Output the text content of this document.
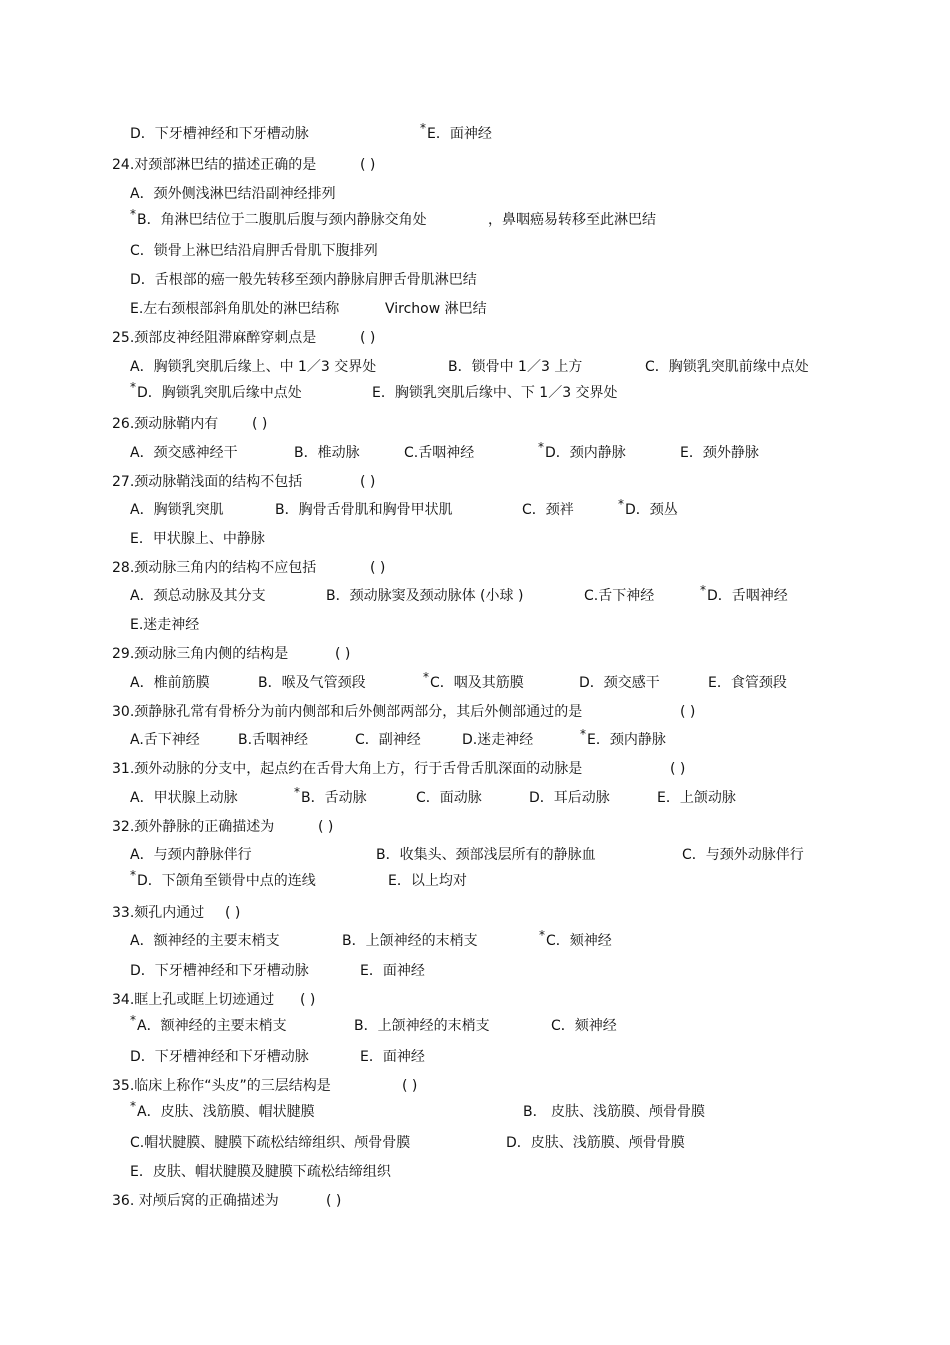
D．下牙槽神经和下牙槽动脉	*E．面神经
24.对颈部淋巴结的描述正确的是	( )
A．颈外侧浅淋巴结沿副神经排列
*B．角淋巴结位于二腹肌后腹与颈内静脉交角处	，鼻咽癌易转移至此淋巴结
C．锁骨上淋巴结沿肩胛舌骨肌下腹排列
D．舌根部的癌一般先转移至颈内静脉肩胛舌骨肌淋巴结
E.左右颈根部斜角肌处的淋巴结称	Virchow 淋巴结
25.颈部皮神经阻滞麻醉穿刺点是	( )
A．胸锁乳突肌后缘上、中 1／3 交界处	B．锁骨中 1／3 上方	C．胸锁乳突肌前缘中点处
*D．胸锁乳突肌后缘中点处	E．胸锁乳突肌后缘中、下 1／3 交界处
26.颈动脉鞘内有 ( )
A．颈交感神经干	B．椎动脉	C.舌咽神经	*D．颈内静脉	E．颈外静脉
27.颈动脉鞘浅面的结构不包括	( )
A．胸锁乳突肌	B．胸骨舌骨肌和胸骨甲状肌	C．颈袢	*D．颈丛
E．甲状腺上、中静脉
28.颈动脉三角内的结构不应包括	( )
A．颈总动脉及其分支	B．颈动脉窦及颈动脉体 (小球 )	C.舌下神经	*D．舌咽神经
E.迷走神经
29.颈动脉三角内侧的结构是	( )
A．椎前筋膜	B．喉及气管颈段	*C．咽及其筋膜	D．颈交感干	E．食管颈段
30.颈静脉孔常有骨桥分为前内侧部和后外侧部两部分，其后外侧部通过的是	( )
A.舌下神经	B.舌咽神经	C．副神经	D.迷走神经	*E．颈内静脉
31.颈外动脉的分支中，起点约在舌骨大角上方，行于舌骨舌肌深面的动脉是	( )
A．甲状腺上动脉	*B．舌动脉	C．面动脉	D．耳后动脉	E．上颌动脉
32.颈外静脉的正确描述为	( )
A．与颈内静脉伴行	B．收集头、颈部浅层所有的静脉血	C．与颈外动脉伴行
*D．下颌角至锁骨中点的连线	E．以上均对
33.颏孔内通过 ( )
A．额神经的主要末梢支	B．上颌神经的末梢支	*C．颏神经
D．下牙槽神经和下牙槽动脉	E．面神经
34.眶上孔或眶上切迹通过 ( )
*A．额神经的主要末梢支	B．上颌神经的末梢支	C．颏神经
D．下牙槽神经和下牙槽动脉	E．面神经
35.临床上称作“头皮”的三层结构是	( )
*A．皮肤、浅筋膜、帽状腱膜	B． 皮肤、浅筋膜、颅骨骨膜
C.帽状腱膜、腱膜下疏松结缔组织、颅骨骨膜	D．皮肤、浅筋膜、颅骨骨膜
E．皮肤、帽状腱膜及腱膜下疏松结缔组织
36. 对颅后窝的正确描述为	( )
